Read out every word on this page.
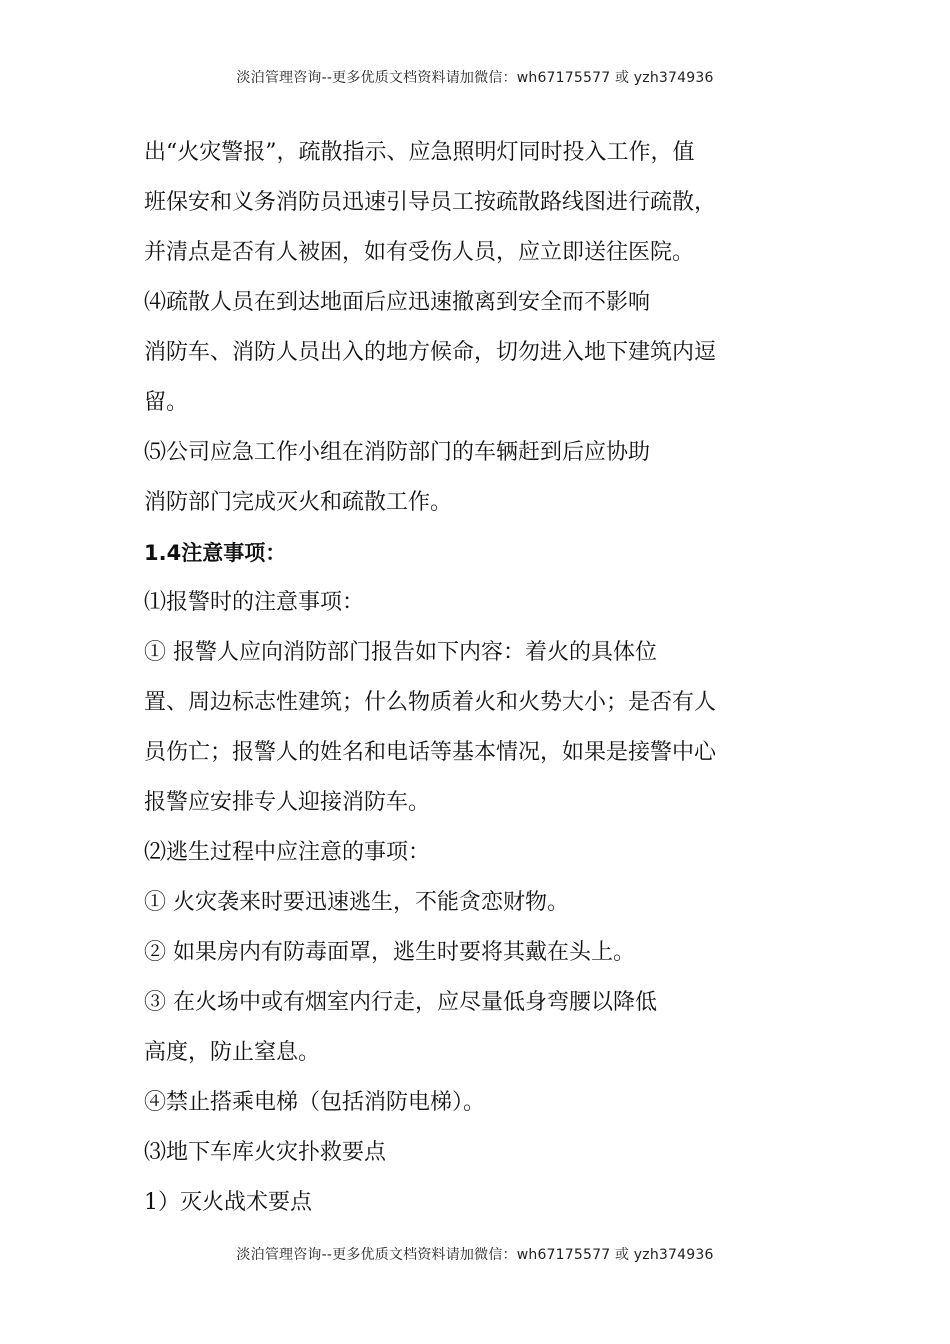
淡泊管理咨询--更多优质文档资料请加微信：wh67175577 或 yzh374936
出“火灾警报”，疏散指示、应急照明灯同时投入工作，值
班保安和义务消防员迅速引导员工按疏散路线图进行疏散，
并清点是否有人被困，如有受伤人员，应立即送往医院。
⑷疏散人员在到达地面后应迅速撤离到安全而不影响
消防车、消防人员出入的地方候命，切勿进入地下建筑内逗
留。
⑸公司应急工作小组在消防部门的车辆赶到后应协助
消防部门完成灭火和疏散工作。
1.4注意事项：
⑴报警时的注意事项：
① 报警人应向消防部门报告如下内容：着火的具体位
置、周边标志性建筑；什么物质着火和火势大小；是否有人
员伤亡；报警人的姓名和电话等基本情况，如果是接警中心
报警应安排专人迎接消防车。
⑵逃生过程中应注意的事项：
① 火灾袭来时要迅速逃生，不能贪恋财物。
② 如果房内有防毒面罩，逃生时要将其戴在头上。
③ 在火场中或有烟室内行走，应尽量低身弯腰以降低
高度，防止窒息。
④禁止搭乘电梯（包括消防电梯）。
⑶地下车库火灾扑救要点
1）灭火战术要点
淡泊管理咨询--更多优质文档资料请加微信：wh67175577 或 yzh374936
